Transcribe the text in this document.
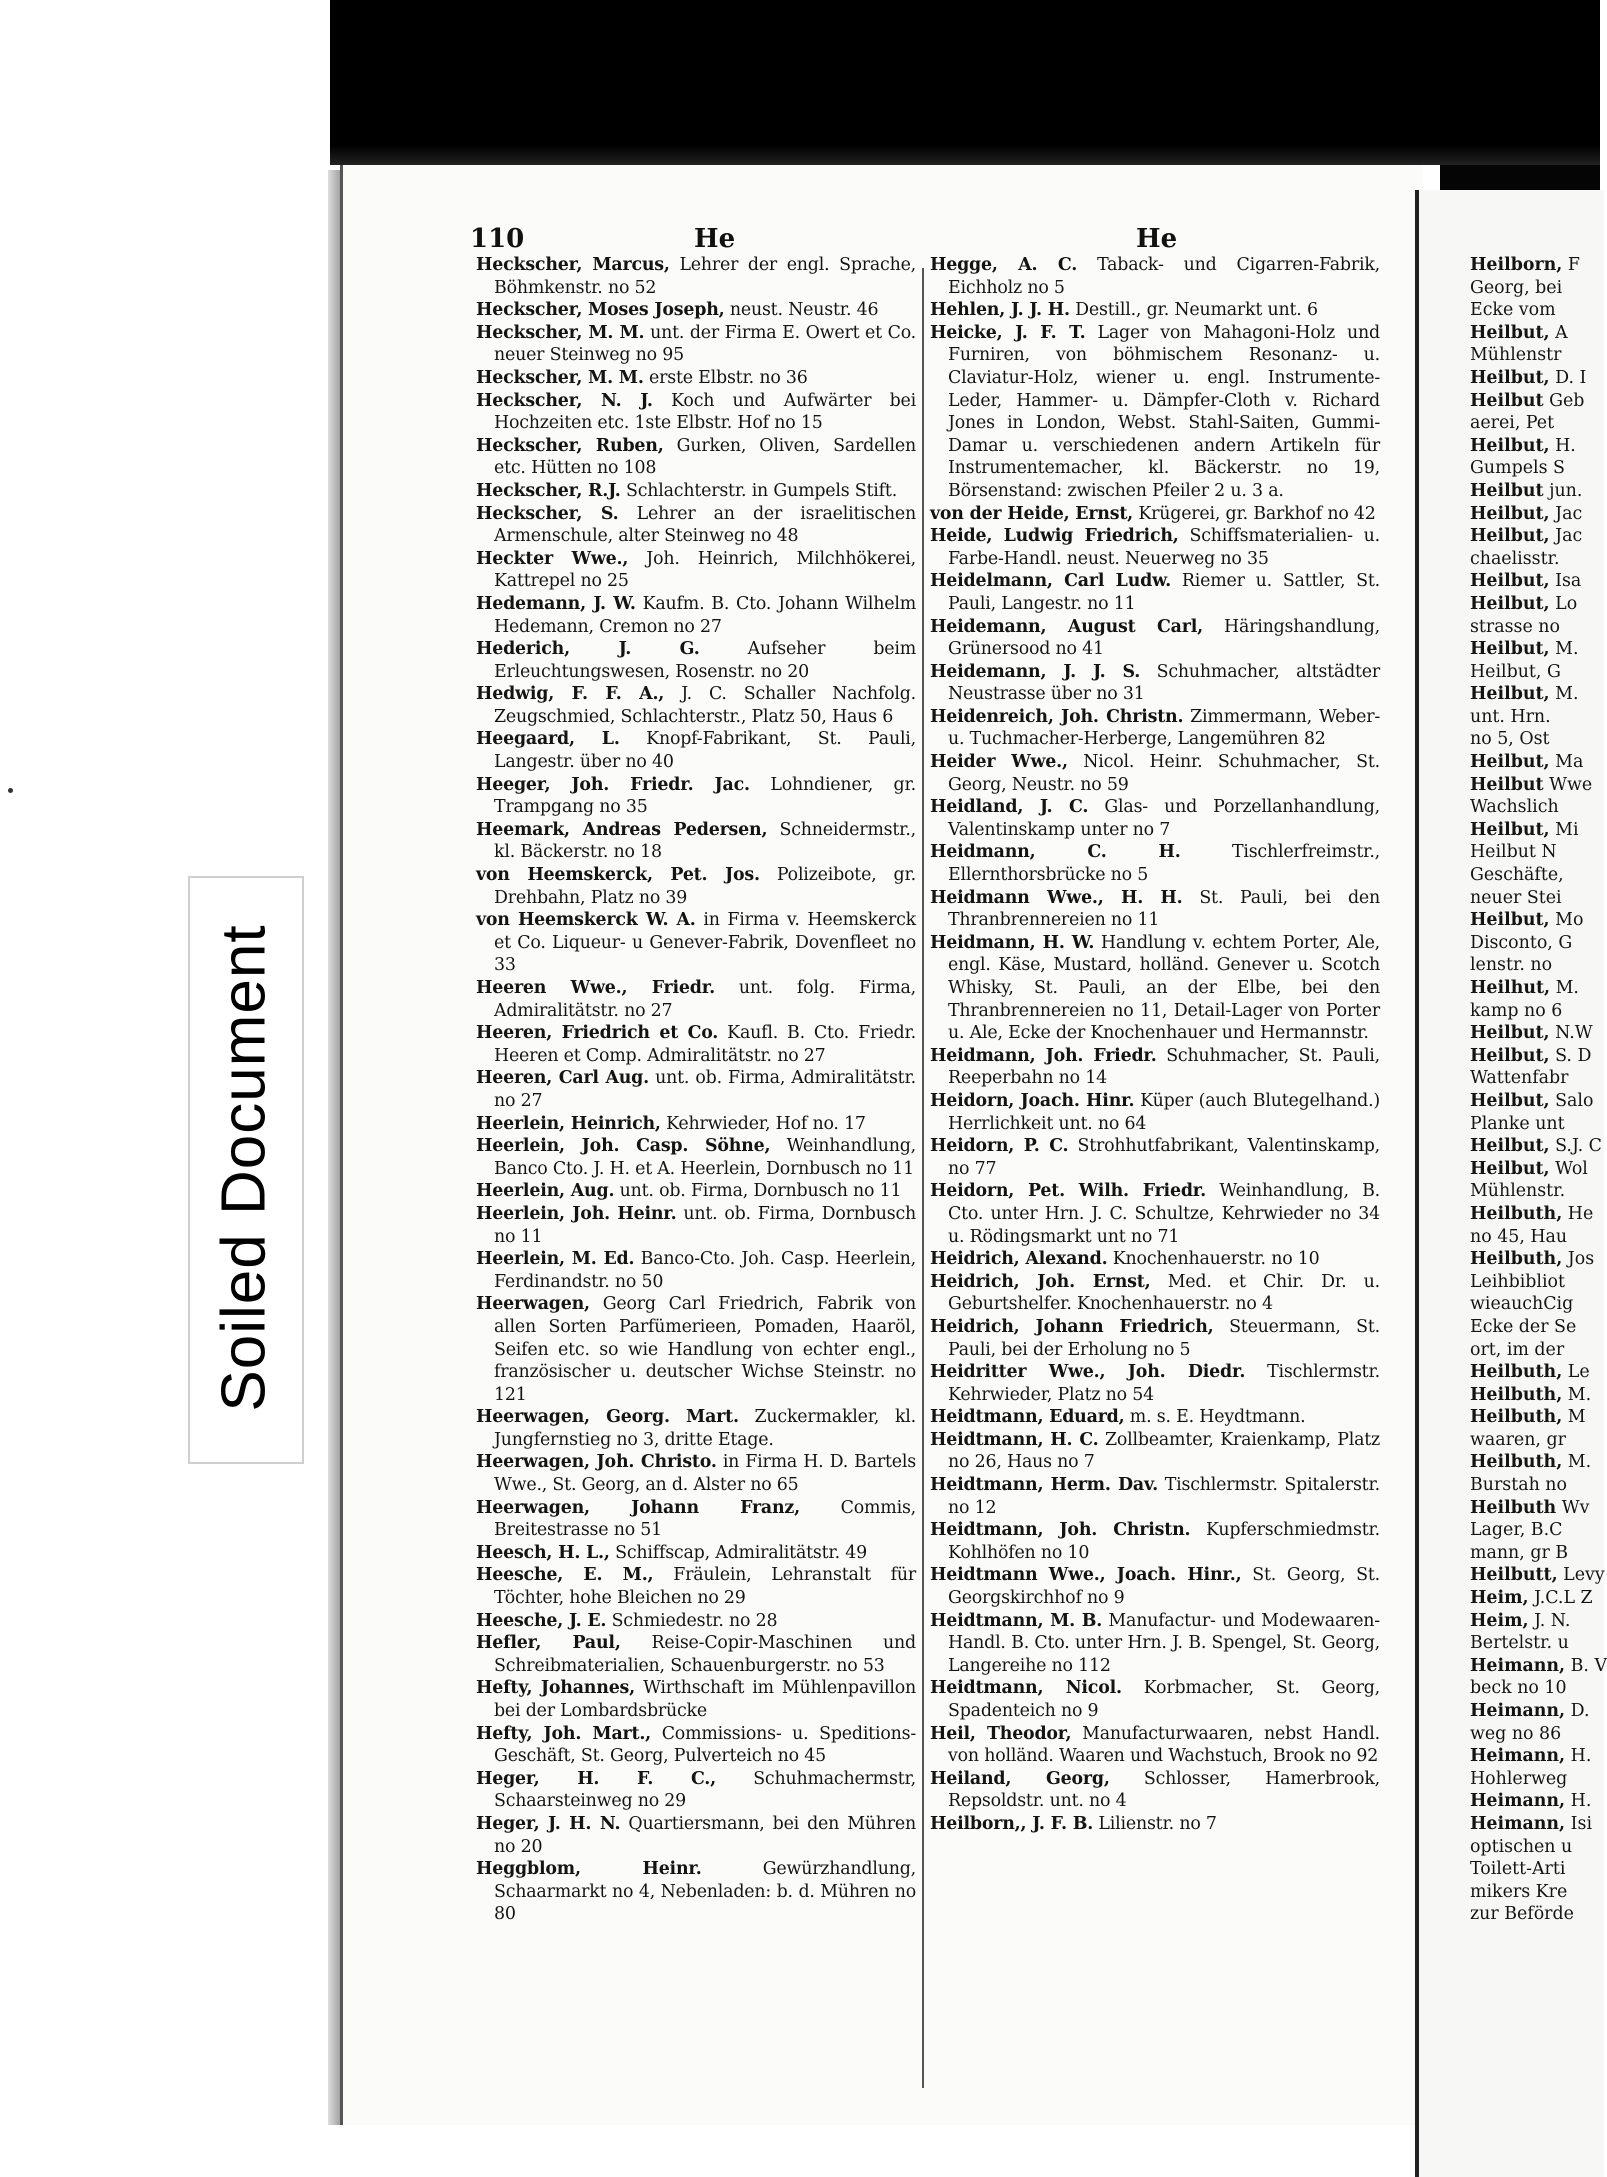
Soiled Document
110	He	He
Heckscher, Marcus, Lehrer der engl. Sprache, Böhmkenstr. no 52
Heckscher, Moses Joseph, neust. Neustr. 46
Heckscher, M. M. unt. der Firma E. Owert et Co. neuer Steinweg no 95
Heckscher, M. M. erste Elbstr. no 36
Heckscher, N. J. Koch und Aufwärter bei Hochzeiten etc. 1ste Elbstr. Hof no 15
Heckscher, Ruben, Gurken, Oliven, Sardellen etc. Hütten no 108
Heckscher, R.J. Schlachterstr. in Gumpels Stift.
Heckscher, S. Lehrer an der israelitischen Armenschule, alter Steinweg no 48
Heckter Wwe., Joh. Heinrich, Milchhökerei, Kattrepel no 25
Hedemann, J. W. Kaufm. B. Cto. Johann Wilhelm Hedemann, Cremon no 27
Hederich, J. G.	Aufseher beim Erleuchtungswesen, Rosenstr. no 20
Hedwig, F. F. A., J. C. Schaller Nachfolg. Zeugschmied, Schlachterstr., Platz 50, Haus 6
Heegaard, L. Knopf-Fabrikant, St. Pauli, Langestr. über no 40
Heeger, Joh. Friedr. Jac. Lohndiener, gr. Trampgang no 35
Heemark, Andreas Pedersen, Schneidermstr., kl. Bäckerstr. no 18
von Heemskerck, Pet. Jos. Polizeibote, gr. Drehbahn, Platz no 39
von Heemskerck W. A. in Firma v. Heemskerck et Co. Liqueur- u Genever-Fabrik, Dovenfleet no 33
Heeren Wwe., Friedr. unt. folg. Firma, Admiralitätstr. no 27
Heeren, Friedrich et Co. Kaufl. B. Cto. Friedr. Heeren et Comp. Admiralitätstr. no 27
Heeren, Carl Aug. unt. ob. Firma, Admiralitätstr. no 27
Heerlein, Heinrich, Kehrwieder, Hof no. 17
Heerlein, Joh. Casp. Söhne, Weinhandlung, Banco Cto. J. H. et A. Heerlein, Dornbusch no 11
Heerlein, Aug. unt. ob. Firma, Dornbusch no 11
Heerlein, Joh. Heinr. unt. ob. Firma, Dornbusch no 11
Heerlein, M. Ed. Banco-Cto. Joh. Casp. Heerlein, Ferdinandstr. no 50
Heerwagen, Georg Carl Friedrich, Fabrik von allen Sorten Parfümerieen, Pomaden, Haaröl, Seifen etc. so wie Handlung von echter engl., französischer u. deutscher Wichse Steinstr. no 121
Heerwagen, Georg. Mart. Zuckermakler, kl. Jungfernstieg no 3, dritte Etage.
Heerwagen, Joh. Christo. in Firma H. D. Bartels Wwe., St. Georg, an d. Alster no 65
Heerwagen, Johann Franz, Commis, Breitestrasse no 51
Heesch, H. L., Schiffscap, Admiralitätstr. 49
Heesche, E. M., Fräulein, Lehranstalt für Töchter, hohe Bleichen no 29
Heesche, J. E. Schmiedestr. no 28
Hefler, Paul, Reise-Copir-Maschinen und Schreibmaterialien, Schauenburgerstr. no 53
Hefty, Johannes, Wirthschaft im Mühlenpavillon bei der Lombardsbrücke
Hefty, Joh. Mart., Commissions- u. Speditions-Geschäft, St. Georg, Pulverteich no 45
Heger, H. F. C., Schuhmachermstr, Schaarsteinweg no 29
Heger, J. H. N. Quartiersmann, bei den Mühren no 20
Heggblom, Heinr.	Gewürzhandlung, Schaarmarkt no 4, Nebenladen: b. d. Mühren no 80
Hegge, A. C. Taback- und Cigarren-Fabrik, Eichholz no 5
Hehlen, J. J. H. Destill., gr. Neumarkt unt. 6
Heicke, J. F. T. Lager von Mahagoni-Holz und Furniren, von böhmischem Resonanz- u. Claviatur-Holz, wiener u. engl. Instrumente-Leder, Hammer- u. Dämpfer-Cloth v. Richard Jones in London, Webst. Stahl-Saiten, Gummi-Damar u. verschiedenen andern Artikeln für Instrumentemacher, kl. Bäckerstr. no 19, Börsenstand: zwischen Pfeiler 2 u. 3 a.
von der Heide, Ernst, Krügerei, gr. Barkhof no 42
Heide, Ludwig Friedrich, Schiffsmaterialien- u. Farbe-Handl. neust. Neuerweg no 35
Heidelmann, Carl Ludw. Riemer u. Sattler, St. Pauli, Langestr. no 11
Heidemann, August Carl, Häringshandlung, Grünersood no 41
Heidemann, J. J. S. Schuhmacher, altstädter Neustrasse über no 31
Heidenreich, Joh. Christn. Zimmermann, Weber- u. Tuchmacher-Herberge, Langemühren 82
Heider Wwe., Nicol. Heinr. Schuhmacher, St. Georg, Neustr. no 59
Heidland, J. C. Glas- und Porzellanhandlung, Valentinskamp unter no 7
Heidmann, C. H.	Tischlerfreimstr., Ellernthorsbrücke no 5
Heidmann Wwe., H. H. St. Pauli, bei den Thranbrennereien no 11
Heidmann, H. W. Handlung v. echtem Porter, Ale, engl. Käse, Mustard, holländ. Genever u. Scotch Whisky, St. Pauli, an der Elbe, bei den Thranbrennereien no 11, Detail-Lager von Porter u. Ale, Ecke der Knochenhauer und Hermannstr.
Heidmann, Joh. Friedr. Schuhmacher, St. Pauli, Reeperbahn no 14
Heidorn, Joach. Hinr. Küper (auch Blutegelhand.) Herrlichkeit unt. no 64
Heidorn, P. C. Strohhutfabrikant, Valentinskamp, no 77
Heidorn, Pet. Wilh. Friedr. Weinhandlung, B. Cto. unter Hrn. J. C. Schultze, Kehrwieder no 34 u. Rödingsmarkt unt no 71
Heidrich, Alexand. Knochenhauerstr. no 10
Heidrich, Joh. Ernst, Med. et Chir. Dr. u. Geburtshelfer. Knochenhauerstr. no 4
Heidrich, Johann Friedrich, Steuermann, St. Pauli, bei der Erholung no 5
Heidritter Wwe., Joh. Diedr. Tischlermstr. Kehrwieder, Platz no 54
Heidtmann, Eduard, m. s. E. Heydtmann.
Heidtmann, H. C. Zollbeamter, Kraienkamp, Platz no 26, Haus no 7
Heidtmann, Herm. Dav. Tischlermstr. Spitalerstr. no 12
Heidtmann, Joh. Christn. Kupferschmiedmstr. Kohlhöfen no 10
Heidtmann Wwe., Joach. Hinr., St. Georg, St. Georgskirchhof no 9
Heidtmann, M. B. Manufactur- und Modewaaren-Handl. B. Cto. unter Hrn. J. B. Spengel, St. Georg, Langereihe no 112
Heidtmann, Nicol. Korbmacher, St. Georg, Spadenteich no 9
Heil, Theodor, Manufacturwaaren, nebst Handl. von holländ. Waaren und Wachstuch, Brook no 92
Heiland, Georg, Schlosser, Hamerbrook, Repsoldstr. unt. no 4
Heilborn,, J. F. B. Lilienstr. no 7
Heilborn, F
Georg, bei
Ecke vom
Heilbut, A
Mühlenstr
Heilbut, D. I
Heilbut Geb
aerei, Pet
Heilbut, H.
Gumpels S
Heilbut jun.
Heilbut, Jac
Heilbut, Jac
chaelisstr.
Heilbut, Isa
Heilbut, Lo
strasse no
Heilbut, M.
Heilbut, G
Heilbut, M.
unt. Hrn.
no 5, Ost
Heilbut, Ma
Heilbut Wwe
Wachslich
Heilbut, Mi
Heilbut N
Geschäfte,
neuer Stei
Heilbut, Mo
Disconto, G
lenstr. no
Heilhut, M.
kamp no 6
Heilbut, N.W
Heilbut, S. D
Wattenfabr
Heilbut, Salo
Planke unt
Heilbut, S.J. C
Heilbut, Wol
Mühlenstr.
Heilbuth, He
no 45, Hau
Heilbuth, Jos
Leihbibliot
wieauchCig
Ecke der Se
ort, im der
Heilbuth, Le
Heilbuth, M.
Heilbuth, M
waaren, gr
Heilbuth, M.
Burstah no
Heilbuth Wv
Lager, B.C
mann, gr B
Heilbutt, Levy
Heim, J.C.L Z
Heim, J. N.
Bertelstr. u
Heimann, B. V
beck no 10
Heimann, D.
weg no 86
Heimann, H.
Hohlerweg
Heimann, H.
Heimann, Isi
optischen u
Toilett-Arti
mikers Kre
zur Beförde
